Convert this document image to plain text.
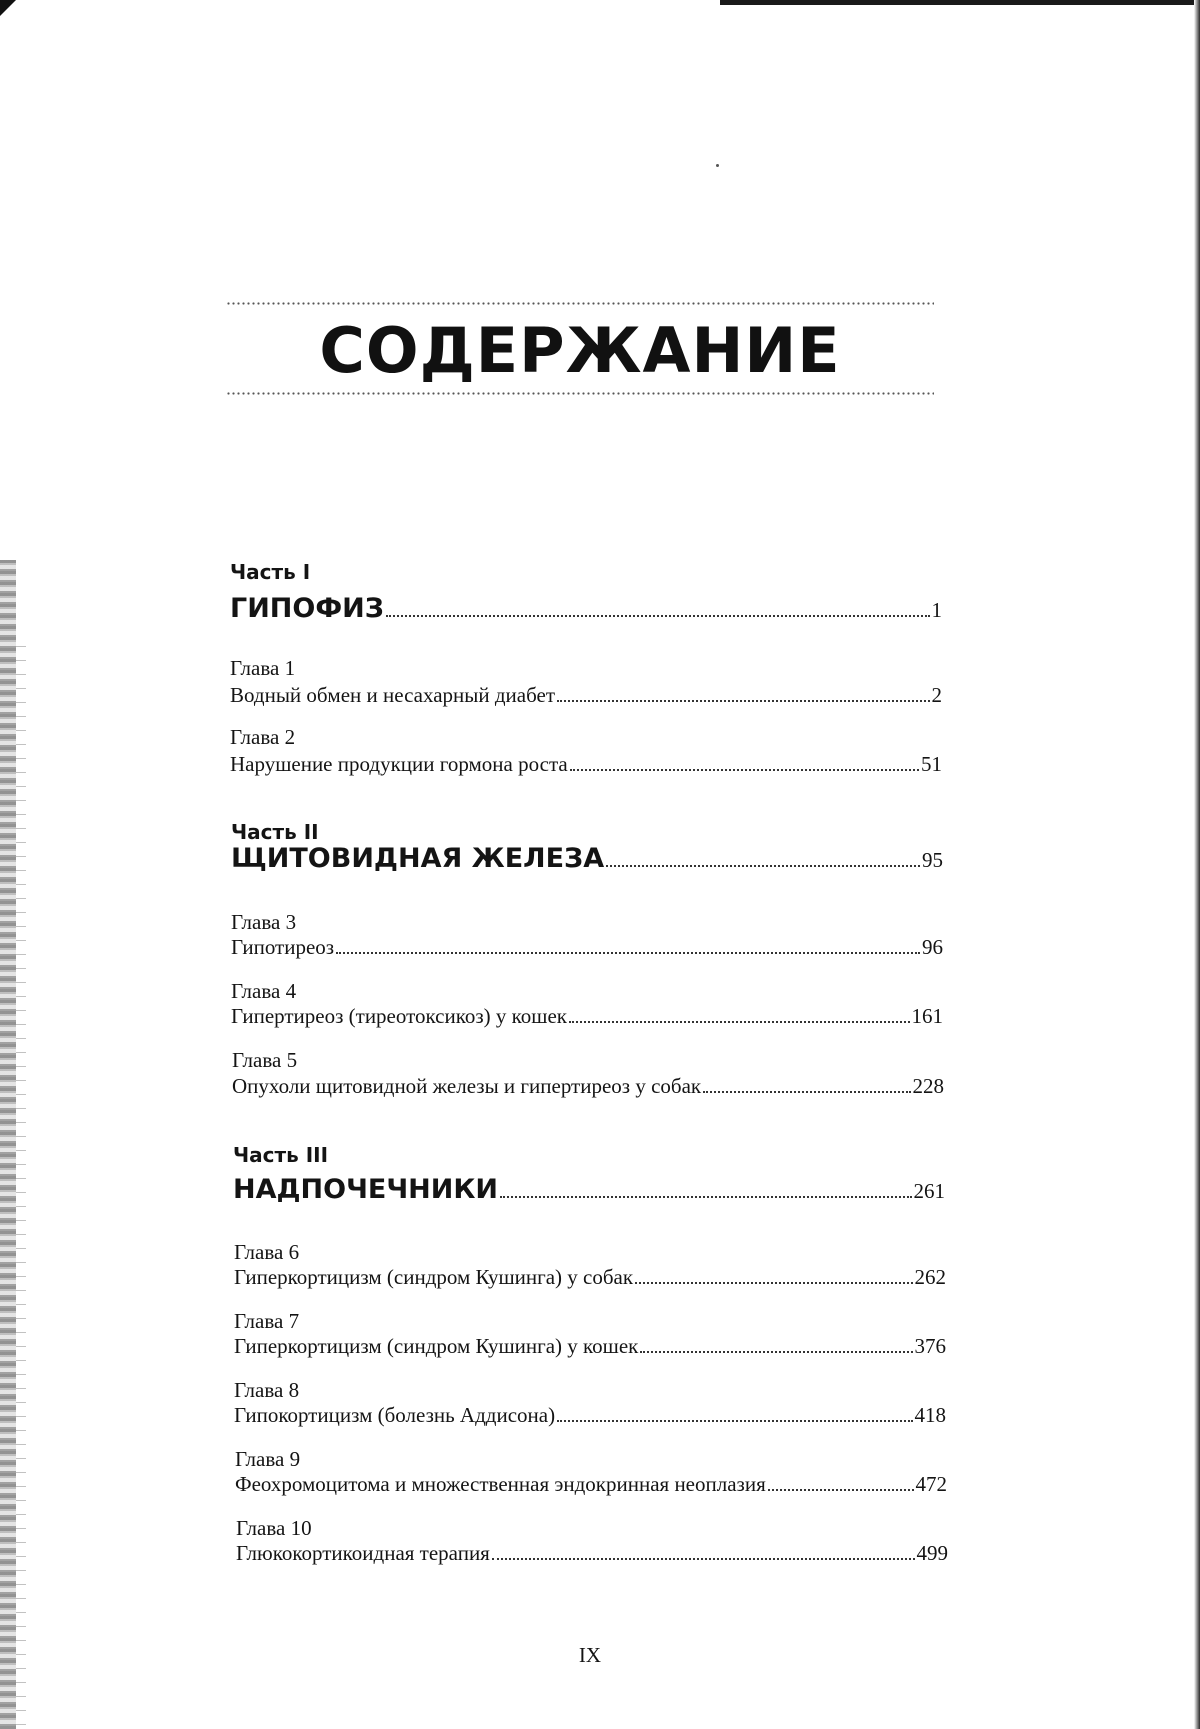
СОДЕРЖАНИЕ
Часть I
ГИПОФИЗ	1
Глава 1
Водный обмен и несахарный диабет	2
Глава 2
Нарушение продукции гормона роста	51
Часть II
ЩИТОВИДНАЯ ЖЕЛЕЗА	95
Глава 3
Гипотиреоз	96
Глава 4
Гипертиреоз (тиреотоксикоз) у кошек	161
Глава 5
Опухоли щитовидной железы и гипертиреоз у собак	228
Часть III
НАДПОЧЕЧНИКИ	261
Глава 6
Гиперкортицизм (синдром Кушинга) у собак	262
Глава 7
Гиперкортицизм (синдром Кушинга) у кошек	376
Глава 8
Гипокортицизм (болезнь Аддисона)	418
Глава 9
Феохромоцитома и множественная эндокринная неоплазия	472
Глава 10
Глюкокортикоидная терапия	499
IX
